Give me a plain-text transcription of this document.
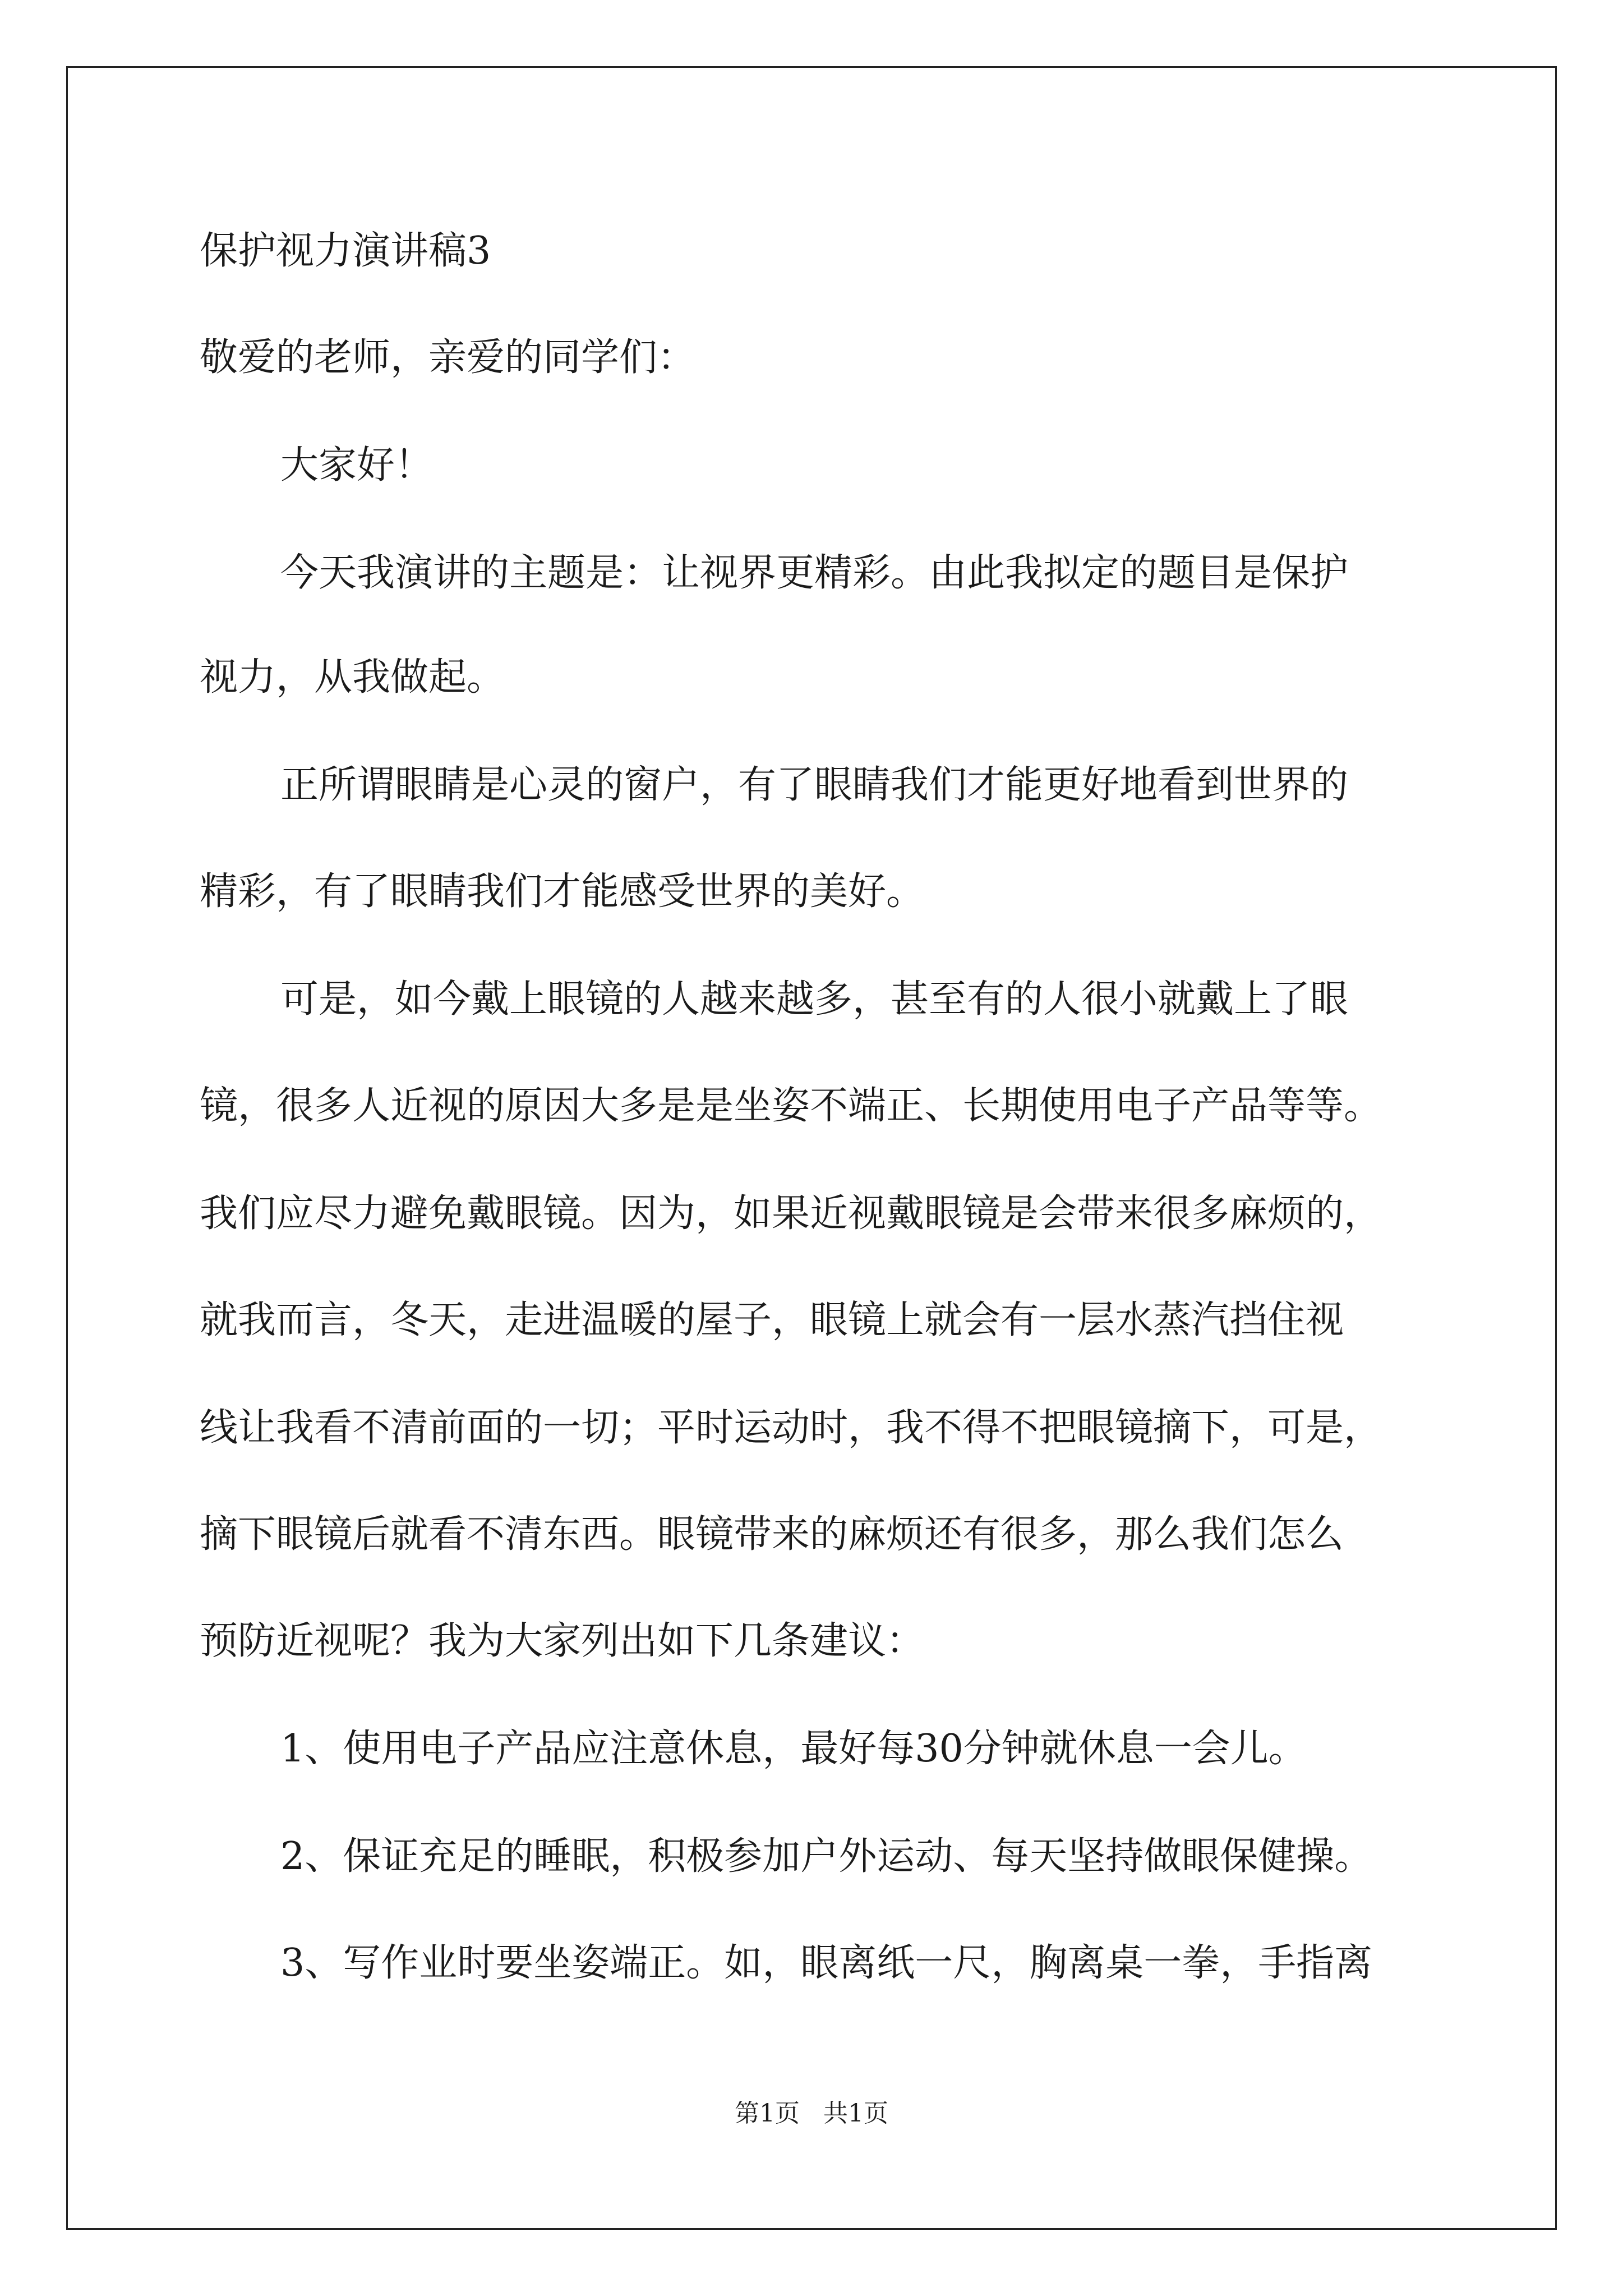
保护视力演讲稿3

敬爱的老师，亲爱的同学们：

大家好！

今天我演讲的主题是：让视界更精彩。由此我拟定的题目是保护

视力，从我做起。

正所谓眼睛是心灵的窗户，有了眼睛我们才能更好地看到世界的

精彩，有了眼睛我们才能感受世界的美好。

可是，如今戴上眼镜的人越来越多，甚至有的人很小就戴上了眼

镜，很多人近视的原因大多是是坐姿不端正、长期使用电子产品等等。

我们应尽力避免戴眼镜。因为，如果近视戴眼镜是会带来很多麻烦的，

就我而言，冬天，走进温暖的屋子，眼镜上就会有一层水蒸汽挡住视

线让我看不清前面的一切；平时运动时，我不得不把眼镜摘下，可是，

摘下眼镜后就看不清东西。眼镜带来的麻烦还有很多，那么我们怎么

预防近视呢？我为大家列出如下几条建议：

1、使用电子产品应注意休息，最好每30分钟就休息一会儿。

2、保证充足的睡眠，积极参加户外运动、每天坚持做眼保健操。

3、写作业时要坐姿端正。如，眼离纸一尺，胸离桌一拳，手指离

第1页   共1页
